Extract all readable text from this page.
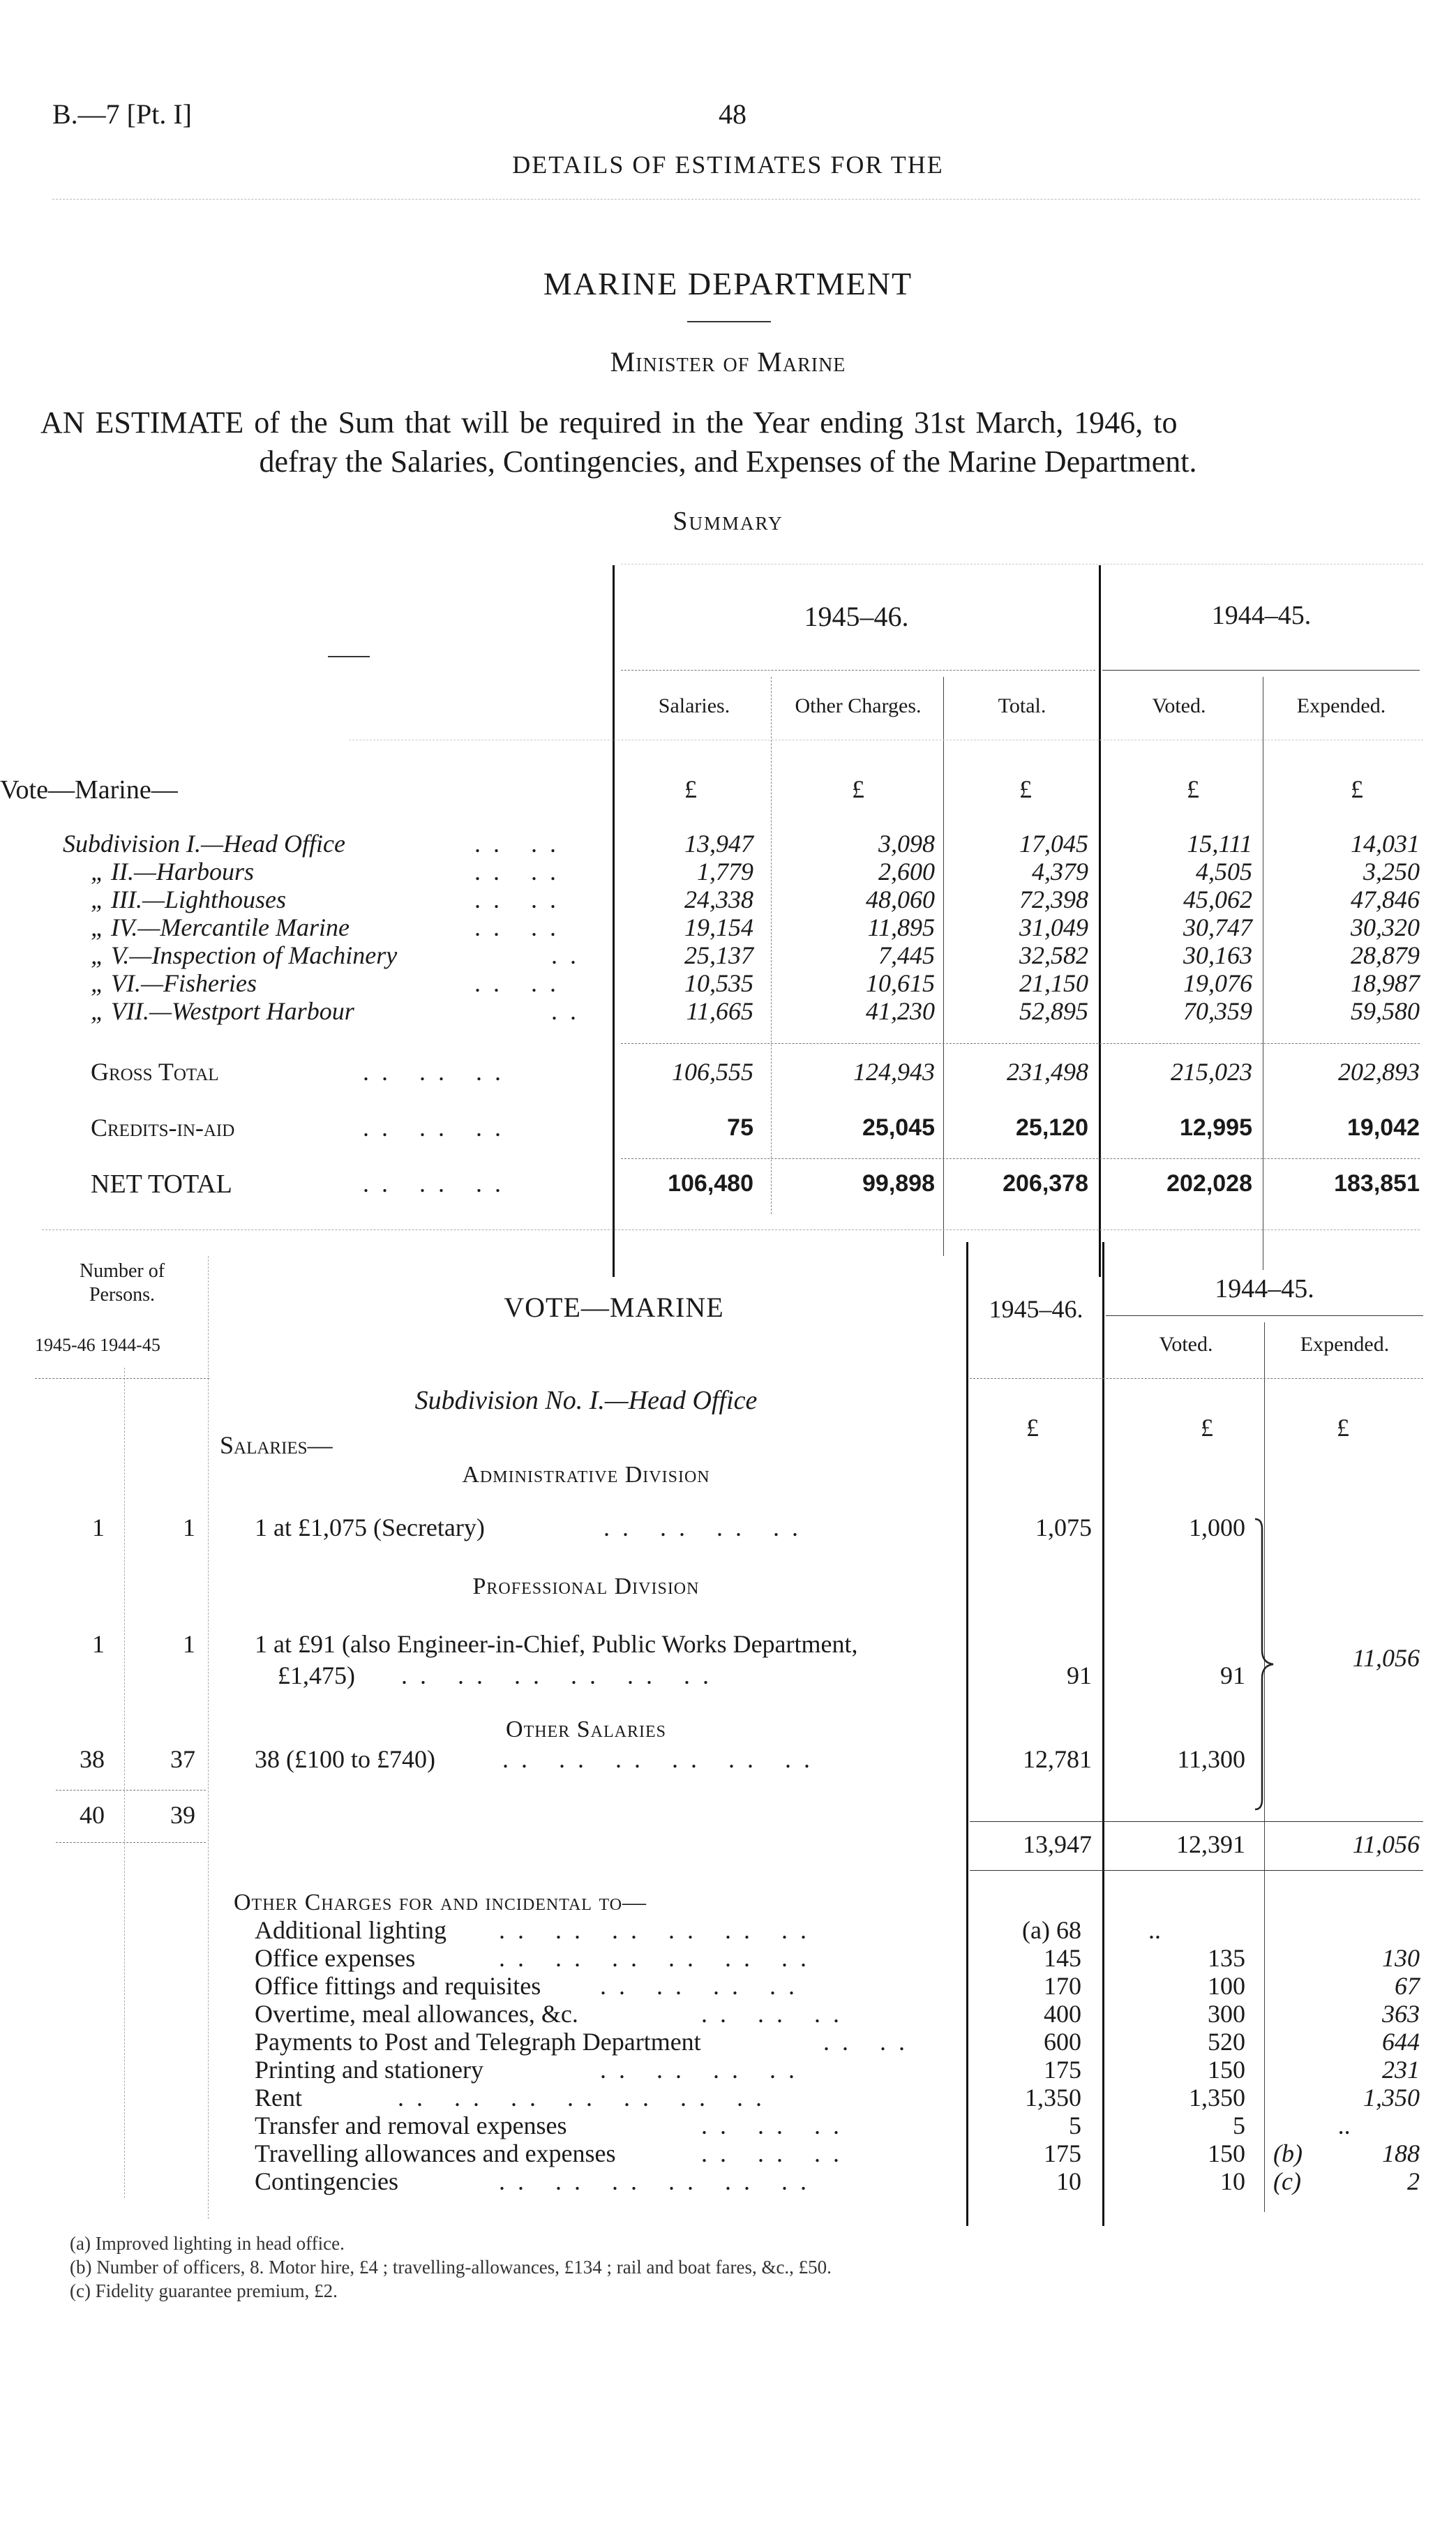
B.—7 [Pt. I]	48
DETAILS OF ESTIMATES FOR THE
MARINE DEPARTMENT
Minister of Marine
AN ESTIMATE of the Sum that will be required in the Year ending 31st March, 1946, to
defray the Salaries, Contingencies, and Expenses of the Marine Department.
Summary
1945–46.	1944–45.
Salaries.	Other Charges.	Total.	Voted.	Expended.
Vote—Marine—	£	£	£	£	£
Subdivision I.—Head Office	.. ..	13,947	3,098	17,045	15,111	14,031
„ II.—Harbours	.. ..	1,779	2,600	4,379	4,505	3,250
„ III.—Lighthouses	.. ..	24,338	48,060	72,398	45,062	47,846
„ IV.—Mercantile Marine	.. ..	19,154	11,895	31,049	30,747	30,320
„ V.—Inspection of Machinery	..	25,137	7,445	32,582	30,163	28,879
„ VI.—Fisheries	.. ..	10,535	10,615	21,150	19,076	18,987
„ VII.—Westport Harbour	..	11,665	41,230	52,895	70,359	59,580
Gross Total	.. .. ..	106,555	124,943	231,498	215,023	202,893
Credits-in-aid	.. .. ..	75	25,045	25,120	12,995	19,042
NET TOTAL	.. .. ..	106,480	99,898	206,378	202,028	183,851
Number of Persons.
1945-46 1944-45
VOTE—MARINE	1945–46.
1944–45.
Voted.	Expended.
Subdivision No. I.—Head Office
£	£	£
Salaries—
Administrative Division
1	1 1 at £1,075 (Secretary)	.. .. .. ..	1,075	1,000
Professional Division
1	1 1 at £91 (also Engineer-in-Chief, Public Works Department,
£1,475) .. .. .. .. .. ..	91	91
11,056
Other Salaries
38	37 38 (£100 to £740)	.. .. .. .. .. ..	12,781	11,300
40	39
13,947	12,391	11,056
Other Charges for and incidental to—
Additional lighting .. .. .. .. .. ..	(a) 68	..
Office expenses	.. .. .. .. .. ..	145	135	130
Office fittings and requisites .. .. .. ..	170	100	67
Overtime, meal allowances, &c.	.. .. ..	400	300	363
Payments to Post and Telegraph Department	.. ..	600	520	644
Printing and stationery	.. .. .. ..	175	150	231
Rent	.. .. .. .. .. .. ..	1,350	1,350	1,350
Transfer and removal expenses	.. .. ..	5	5	..
Travelling allowances and expenses	.. .. ..	175	150 (b)	188
Contingencies	.. .. .. .. .. ..	10	10 (c)	2
(a) Improved lighting in head office.
(b) Number of officers, 8. Motor hire, £4 ; travelling-allowances, £134 ; rail and boat fares, &c., £50.
(c) Fidelity guarantee premium, £2.
